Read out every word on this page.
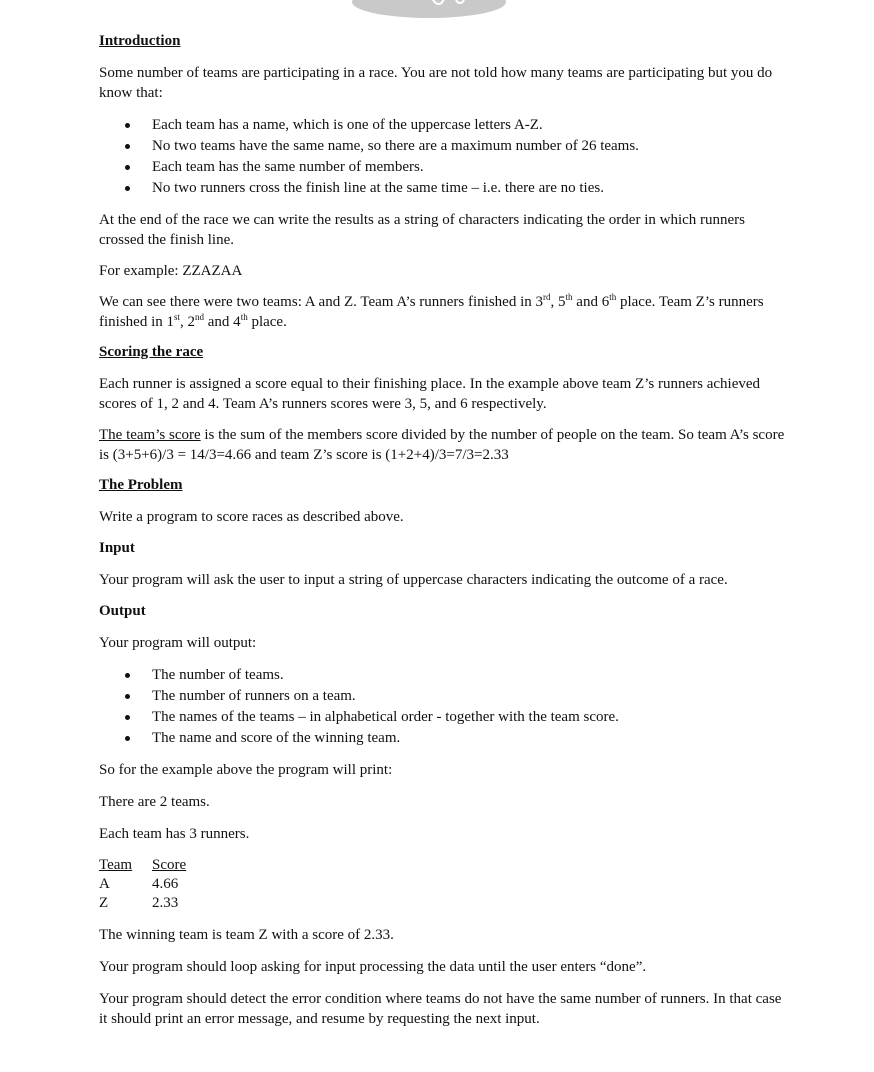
Introduction

Some number of teams are participating in a race. You are not told how many teams are participating but you do know that:

Each team has a name, which is one of the uppercase letters A-Z.
No two teams have the same name, so there are a maximum number of 26 teams.
Each team has the same number of members.
No two runners cross the finish line at the same time – i.e. there are no ties.

At the end of the race we can write the results as a string of characters indicating the order in which runners crossed the finish line.

For example: ZZAZAA

We can see there were two teams: A and Z. Team A’s runners finished in 3rd, 5th and 6th place. Team Z’s runners finished in 1st, 2nd and 4th place.

Scoring the race

Each runner is assigned a score equal to their finishing place. In the example above team Z’s runners achieved scores of 1, 2 and 4. Team A’s runners scores were 3, 5, and 6 respectively.

The team’s score is the sum of the members score divided by the number of people on the team. So team A’s score is (3+5+6)/3 = 14/3=4.66 and team Z’s score is (1+2+4)/3=7/3=2.33

The Problem

Write a program to score races as described above.

Input

Your program will ask the user to input a string of uppercase characters indicating the outcome of a race.

Output

Your program will output:

The number of teams.
The number of runners on a team.
The names of the teams – in alphabetical order - together with the team score.
The name and score of the winning team.

So for the example above the program will print:

There are 2 teams.

Each team has 3 runners.

Team	Score
A	4.66
Z	2.33

The winning team is team Z with a score of 2.33.

Your program should loop asking for input processing the data until the user enters “done”.

Your program should detect the error condition where teams do not have the same number of runners. In that case it should print an error message, and resume by requesting the next input.
